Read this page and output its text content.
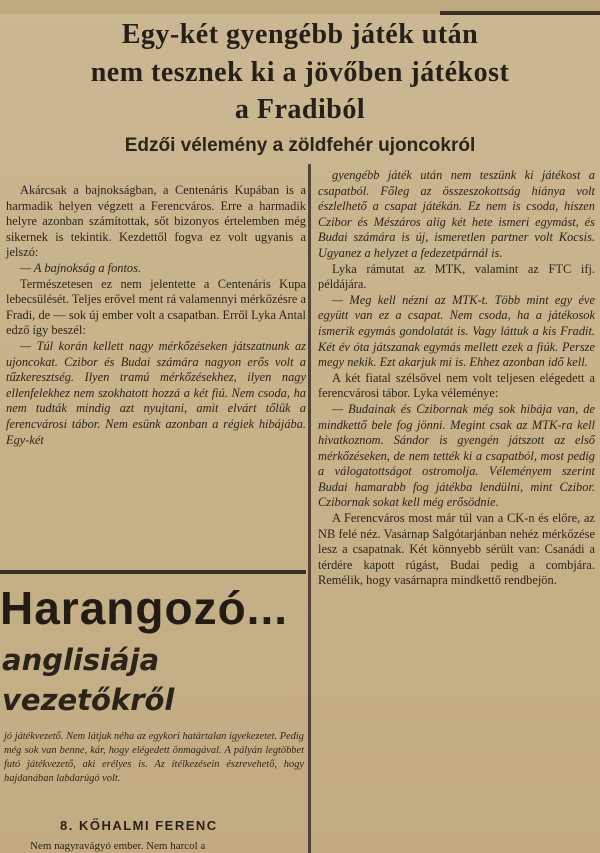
Egy-két gyengébb játék után
nem tesznek ki a jövőben játékost
a Fradiból
Edzői vélemény a zöldfehér ujoncokról

Akárcsak a bajnokságban, a Centenáris Kupában is a harmadik helyen végzett a Ferencváros. Erre a harmadik helyre azonban számítottak, sőt bizonyos értelemben még sikernek is tekintik. Kezdettől fogva ez volt ugyanis a jelszó:

— A bajnokság a fontos.

Természetesen ez nem jelentette a Centenáris Kupa lebecsülését. Teljes erővel ment rá valamennyi mérkőzésre a Fradi, de — sok új ember volt a csapatban. Erről Lyka Antal edző így beszél:

— Túl korán kellett nagy mérkőzéseken játszatnunk az ujoncokat. Czibor és Budai számára nagyon erős volt a tűzkeresztség. Ilyen tramú mérkőzésekhez, ilyen nagy ellenfelekhez nem szokhatott hozzá a két fiú. Nem csoda, ha nem tudták mindig azt nyujtani, amit elvárt tőlük a ferencvárosi tábor. Nem esünk azonban a régiek hibájába. Egy-két

gyengébb játék után nem teszünk ki játékost a csapatból. Főleg az összeszokottság hiánya volt észlelhető a csapat játékán. Ez nem is csoda, hiszen Czibor és Mészáros alig két hete ismeri egymást, és Budai számára is új, ismeretlen partner volt Kocsis. Ugyanez a helyzet a fedezetpárnál is.

Lyka rámutat az MTK, valamint az FTC ifj. példájára.

— Meg kell nézni az MTK-t. Több mint egy éve együtt van ez a csapat. Nem csoda, ha a játékosok ismerik egymás gondolatát is. Vagy láttuk a kis Fradit. Két év óta játszanak egymás mellett ezek a fiúk. Persze megy nekik. Ezt akarjuk mi is. Ehhez azonban idő kell.

A két fiatal szélsővel nem volt teljesen elégedett a ferencvárosi tábor. Lyka véleménye:

— Budainak és Czibornak még sok hibája van, de mindkettő bele fog jönni. Megint csak az MTK-ra kell hivatkoznom. Sándor is gyengén játszott az első mérkőzéseken, de nem tették ki a csapatból, most pedig a válogatottságot ostromolja. Véleményem szerint Budai hamarabb fog játékba lendülni, mint Czibor. Czibornak sokat kell még erősödnie.

A Ferencváros most már túl van a CK-n és előre, az NB felé néz. Vasárnap Salgótarjánban nehéz mérkőzése lesz a csapatnak. Két könnyebb sérült van: Csanádi a térdére kapott rúgást, Budai pedig a combjára. Remélik, hogy vasárnapra mindkettő rendbejön.

Harangozó...
anglisiája
vezetőkről

jó játékvezető. Nem látjuk néha az egykori határtalan igyekezetet. Pedig még sok van benne, kár, hogy elégedett önmagával. A pályán legtöbbet futó játékvezető, aki erélyes is. Az ítélkezésein észrevehető, hogy hajdanában labdarúgó volt.

8. KŐHALMI FERENC

Nem nagyravágyó ember. Nem harcol a
